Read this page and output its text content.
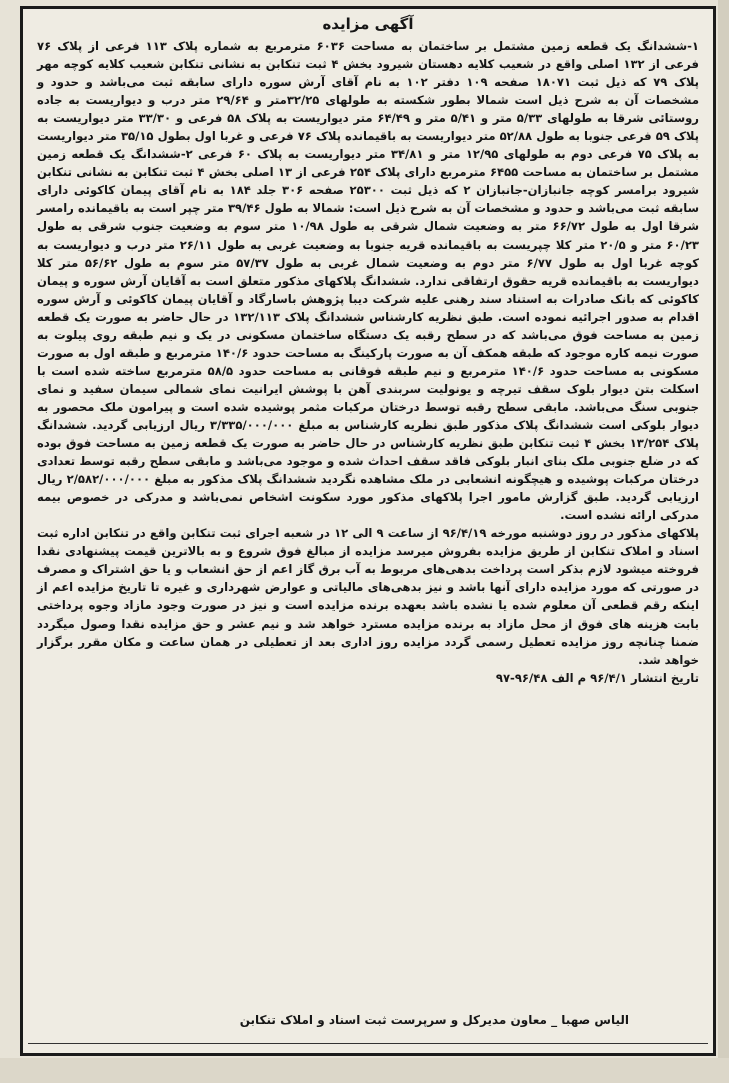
آگهی مزایده

۱-ششدانگ یک قطعه زمین مشتمل بر ساختمان به مساحت ۶۰۳۶ مترمربع به شماره پلاک ۱۱۳ فرعی از پلاک ۷۶ فرعی از ۱۳۲ اصلی واقع در شعیب کلایه دهستان شیرود بخش ۴ ثبت تنکابن به نشانی تنکابن شعیب کلایه کوچه مهر پلاک ۷۹ که ذیل ثبت ۱۸۰۷۱ صفحه ۱۰۹ دفتر ۱۰۲ به نام آقای آرش سوره دارای سابقه ثبت می‌باشد و حدود و مشخصات آن به شرح ذیل است شمالا بطور شکسته به طولهای ۳۲/۲۵متر و ۲۹/۶۴ متر درب و دیواریست به جاده روستائی شرقا به طولهای ۵/۳۳ متر و ۵/۴۱ متر و ۶۴/۴۹ متر دیواریست به پلاک ۵۸ فرعی و ۳۳/۳۰ متر دیواریست به پلاک ۵۹ فرعی جنوبا به طول ۵۲/۸۸ متر دیواریست به باقیمانده پلاک ۷۶ فرعی و غربا اول بطول ۳۵/۱۵ متر دیواریست به پلاک ۷۵ فرعی دوم به طولهای ۱۲/۹۵ متر و ۳۴/۸۱ متر دیواریست به پلاک ۶۰ فرعی ۲-ششدانگ یک قطعه زمین مشتمل بر ساختمان به مساحت ۶۴۵۵ مترمربع دارای پلاک ۲۵۴ فرعی از ۱۳ اصلی بخش ۴ ثبت تنکابن به نشانی تنکابن شیرود برامسر کوچه جانبازان-جانبازان ۲ که ذیل ثبت ۲۵۳۰۰ صفحه ۳۰۶ جلد ۱۸۴ به نام آقای پیمان کاکوئی دارای سابقه ثبت می‌باشد و حدود و مشخصات آن به شرح ذیل است: شمالا به طول ۳۹/۴۶ متر چپر است به باقیمانده رامسر شرقا اول به طول ۶۶/۷۲ متر به وضعیت شمال شرقی به طول ۱۰/۹۸ متر سوم به وضعیت جنوب شرقی به طول ۶۰/۲۳ متر و ۲۰/۵ متر کلا چپریست به باقیمانده قریه جنوبا به وضعیت غربی به طول ۲۶/۱۱ متر درب و دیواریست به کوچه غربا اول به طول ۶/۷۷ متر دوم به وضعیت شمال غربی به طول ۵۷/۳۷ متر سوم به طول ۵۶/۶۲ متر کلا دیواریست به باقیمانده قریه حقوق ارتفاقی ندارد. ششدانگ پلاکهای مذکور متعلق است به آقایان آرش سوره و پیمان کاکوئی که بانک صادرات به استناد سند رهنی علیه شرکت دیبا پژوهش باسارگاد و آقایان پیمان کاکوئی و آرش سوره اقدام به صدور اجرائیه نموده است. طبق نظریه کارشناس ششدانگ پلاک ۱۳۲/۱۱۳ در حال حاضر به صورت یک قطعه زمین به مساحت فوق می‌باشد که در سطح رقبه یک دستگاه ساختمان مسکونی در یک و نیم طبقه روی پیلوت به صورت نیمه کاره موجود که طبقه همکف آن به صورت پارکینگ به مساحت حدود ۱۴۰/۶ مترمربع و طبقه اول به صورت مسکونی به مساحت حدود ۱۴۰/۶ مترمربع و نیم طبقه فوقانی به مساحت حدود ۵۸/۵ مترمربع ساخته شده است با اسکلت بتن دیوار بلوک سقف تیرچه و یونولیت سربندی آهن با پوشش ایرانیت نمای شمالی سیمان سفید و نمای جنوبی سنگ می‌باشد. مابقی سطح رقبه توسط درختان مرکبات مثمر پوشیده شده است و پیرامون ملک محصور به دیوار بلوکی است ششدانگ پلاک مذکور طبق نظریه کارشناس به مبلغ ۳/۳۳۵/۰۰۰/۰۰۰ ریال ارزیابی گردید. ششدانگ پلاک ۱۳/۲۵۴ بخش ۴ ثبت تنکابن طبق نظریه کارشناس در حال حاضر به صورت یک قطعه زمین به مساحت فوق بوده که در ضلع جنوبی ملک بنای انبار بلوکی فاقد سقف احداث شده و موجود می‌باشد و مابقی سطح رقبه توسط تعدادی درختان مرکبات پوشیده و هیچگونه انشعابی در ملک مشاهده نگردید ششدانگ پلاک مذکور به مبلغ ۲/۵۸۲/۰۰۰/۰۰۰ ریال ارزیابی گردید. طبق گزارش مامور اجرا پلاکهای مذکور مورد سکونت اشخاص نمی‌باشد و مدرکی در خصوص بیمه مدرکی ارائه نشده است.

پلاکهای مذکور در روز دوشنبه مورخه ۹۶/۴/۱۹ از ساعت ۹ الی ۱۲ در شعبه اجرای ثبت تنکابن واقع در تنکابن اداره ثبت اسناد و املاک تنکابن از طریق مزایده بفروش میرسد مزایده از مبالغ فوق شروع و به بالاترین قیمت پیشنهادی نقدا فروخته میشود لازم بذکر است پرداخت بدهی‌های مربوط به آب برق گاز اعم از حق انشعاب و یا حق اشتراک و مصرف در صورتی که مورد مزایده دارای آنها باشد و نیز بدهی‌های مالیاتی و عوارض شهرداری و غیره تا تاریخ مزایده اعم از اینکه رقم قطعی آن معلوم شده یا نشده باشد بعهده برنده مزایده است و نیز در صورت وجود مازاد وجوه پرداختی بابت هزینه های فوق از محل مازاد به برنده مزایده مسترد خواهد شد و نیم عشر و حق مزایده نقدا وصول میگردد ضمنا چنانچه روز مزایده تعطیل رسمی گردد مزایده روز اداری بعد از تعطیلی در همان ساعت و مکان مقرر برگزار خواهد شد.

تاریخ انتشار ۹۶/۴/۱ م الف ۹۶/۴۸-۹۷

الیاس صهبا _ معاون مدیرکل و سرپرست ثبت اسناد و املاک تنکابن
